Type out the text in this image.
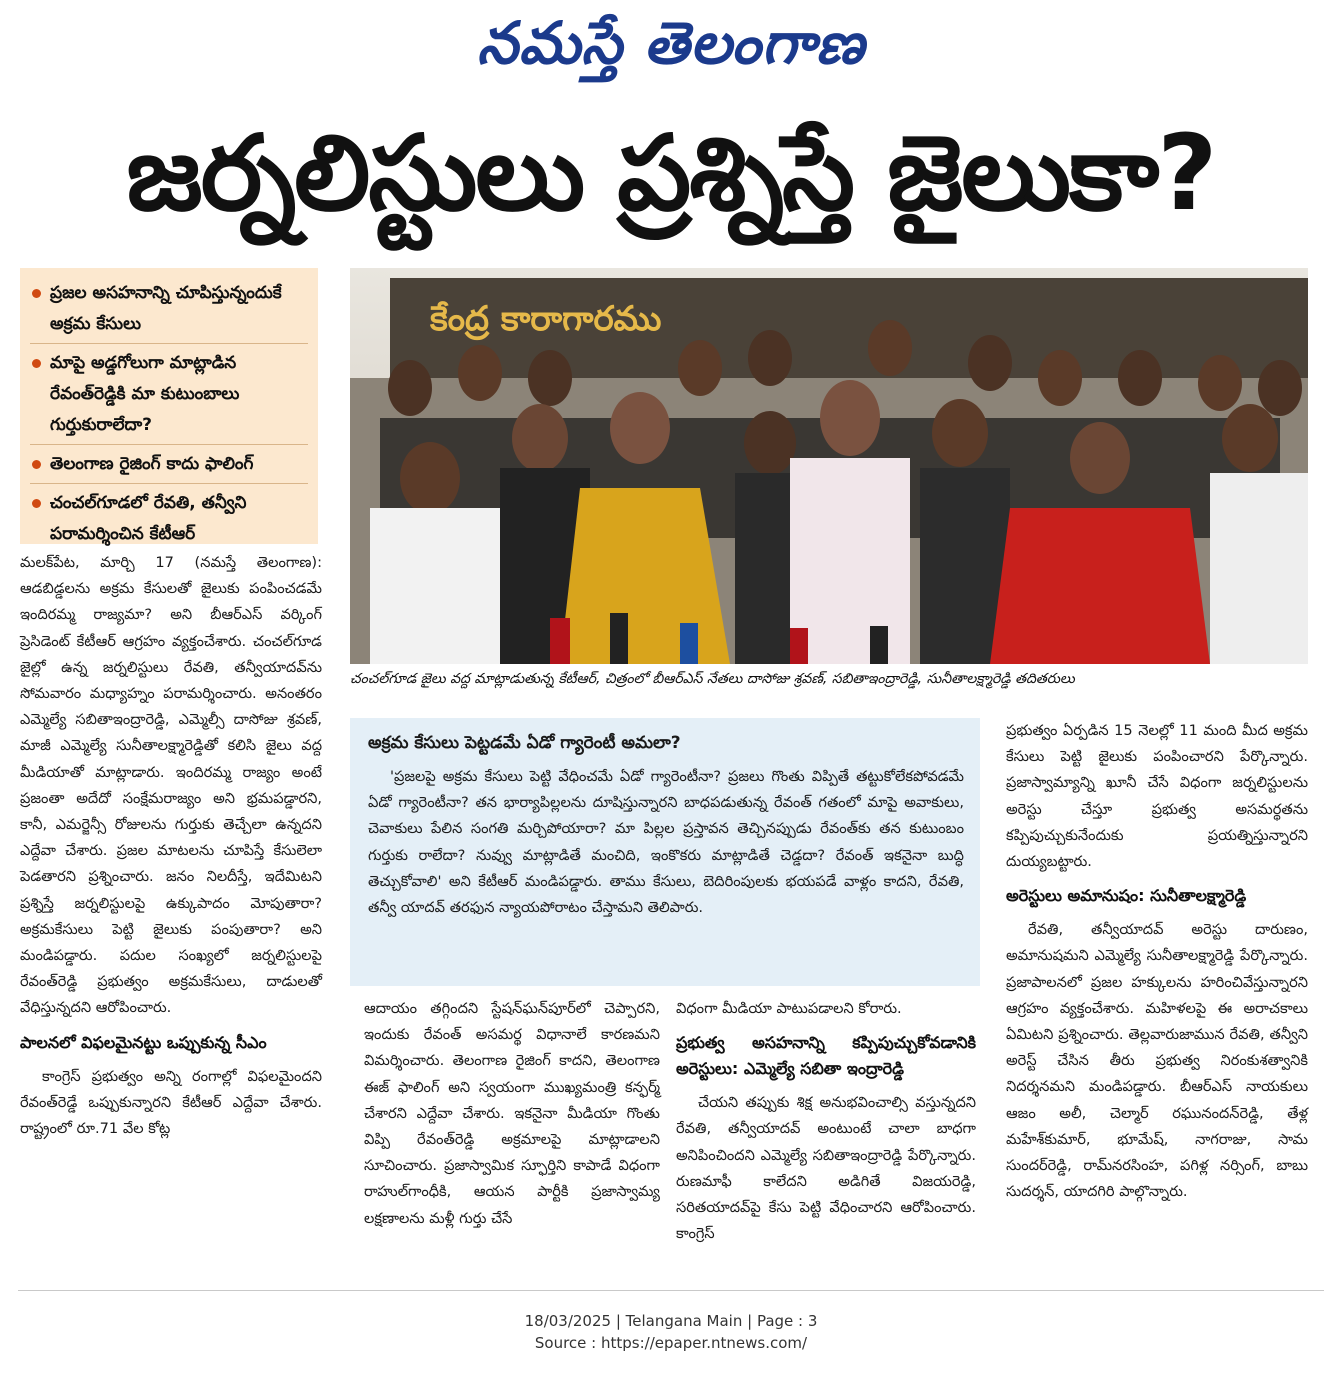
నమస్తే తెలంగాణ
జర్నలిస్టులు ప్రశ్నిస్తే జైలుకా?
ప్రజల అసహనాన్ని చూపిస్తున్నందుకే అక్రమ కేసులు
మాపై అడ్డగోలుగా మాట్లాడిన రేవంత్‌రెడ్డికి మా కుటుంబాలు గుర్తుకురాలేదా?
తెలంగాణ రైజింగ్ కాదు ఫాలింగ్
చంచల్‌గూడలో రేవతి, తన్వీని పరామర్శించిన కేటీఆర్
కేంద్ర కారాగారము
చంచల్‌గూడ జైలు వద్ద మాట్లాడుతున్న కేటీఆర్, చిత్రంలో బీఆర్‌ఎస్ నేతలు దాసోజు శ్రవణ్, సబితాఇంద్రారెడ్డి, సునీతాలక్ష్మారెడ్డి తదితరులు

మలక్‌పేట, మార్చి 17 (నమస్తే తెలంగాణ): ఆడబిడ్డలను అక్రమ కేసులతో జైలుకు పంపించడమే ఇందిరమ్మ రాజ్యమా? అని బీఆర్‌ఎస్ వర్కింగ్ ప్రెసిడెంట్ కేటీఆర్ ఆగ్రహం వ్యక్తంచేశారు. చంచల్‌గూడ జైల్లో ఉన్న జర్నలిస్టులు రేవతి, తన్వీయాదవ్‌ను సోమవారం మధ్యాహ్నం పరామర్శించారు. అనంతరం ఎమ్మెల్యే సబితాఇంద్రారెడ్డి, ఎమ్మెల్సీ దాసోజు శ్రవణ్, మాజీ ఎమ్మెల్యే సునీతాలక్ష్మారెడ్డితో కలిసి జైలు వద్ద మీడియాతో మాట్లాడారు. ఇందిరమ్మ రాజ్యం అంటే ప్రజంతా అదేదో సంక్షేమరాజ్యం అని భ్రమపడ్డారని, కానీ, ఎమర్జెన్సీ రోజులను గుర్తుకు తెచ్చేలా ఉన్నదని ఎద్దేవా చేశారు. ప్రజల మాటలను చూపిస్తే కేసులెలా పెడతారని ప్రశ్నించారు. జనం నిలదీస్తే, ఇదేమిటని ప్రశ్నిస్తే జర్నలిస్టులపై ఉక్కుపాదం మోపుతారా? అక్రమకేసులు పెట్టి జైలుకు పంపుతారా? అని మండిపడ్డారు. పదుల సంఖ్యలో జర్నలిస్టులపై రేవంత్‌రెడ్డి ప్రభుత్వం అక్రమకేసులు, దాడులతో వేధిస్తున్నదని ఆరోపించారు.

పాలనలో విఫలమైనట్టు ఒప్పుకున్న సీఎం

కాంగ్రెస్ ప్రభుత్వం అన్ని రంగాల్లో విఫలమైందని రేవంత్‌రెడ్డే ఒప్పుకున్నారని కేటీఆర్ ఎద్దేవా చేశారు. రాష్ట్రంలో రూ.71 వేల కోట్ల

అక్రమ కేసులు పెట్టడమే ఏడో గ్యారెంటీ అమలా?
'ప్రజలపై అక్రమ కేసులు పెట్టి వేధించమే ఏడో గ్యారెంటీనా? ప్రజలు గొంతు విప్పితే తట్టుకోలేకపోవడమే ఏడో గ్యారెంటీనా? తన భార్యాపిల్లలను దూషిస్తున్నారని బాధపడుతున్న రేవంత్ గతంలో మాపై అవాకులు, చెవాకులు పేలిన సంగతి మర్చిపోయారా? మా పిల్లల ప్రస్తావన తెచ్చినప్పుడు రేవంత్‌కు తన కుటుంబం గుర్తుకు రాలేదా? నువ్వు మాట్లాడితే మంచిది, ఇంకొకరు మాట్లాడితే చెడ్డదా? రేవంత్ ఇకనైనా బుద్ధి తెచ్చుకోవాలి' అని కేటీఆర్ మండిపడ్డారు. తాము కేసులు, బెదిరింపులకు భయపడే వాళ్లం కాదని, రేవతి, తన్వీ యాదవ్ తరఫున న్యాయపోరాటం చేస్తామని తెలిపారు.

ఆదాయం తగ్గిందని స్టేషన్‌ఘన్‌పూర్‌లో చెప్పారని, ఇందుకు రేవంత్ అసమర్థ విధానాలే కారణమని విమర్శించారు. తెలంగాణ రైజింగ్ కాదని, తెలంగాణ ఈజ్ ఫాలింగ్ అని స్వయంగా ముఖ్యమంత్రి కన్ఫర్మ్ చేశారని ఎద్దేవా చేశారు. ఇకనైనా మీడియా గొంతు విప్పి రేవంత్‌రెడ్డి అక్రమాలపై మాట్లాడాలని సూచించారు. ప్రజాస్వామిక స్ఫూర్తిని కాపాడే విధంగా రాహుల్‌గాంధీకి, ఆయన పార్టీకి ప్రజాస్వామ్య లక్షణాలను మళ్లీ గుర్తు చేసే

విధంగా మీడియా పాటుపడాలని కోరారు.

ప్రభుత్వ అసహనాన్ని కప్పిపుచ్చుకోవడానికి అరెస్టులు: ఎమ్మెల్యే సబితా ఇంద్రారెడ్డి

చేయని తప్పుకు శిక్ష అనుభవించాల్సి వస్తున్నదని రేవతి, తన్వీయాదవ్ అంటుంటే చాలా బాధగా అనిపించిందని ఎమ్మెల్యే సబితాఇంద్రారెడ్డి పేర్కొన్నారు. రుణమాఫీ కాలేదని అడిగితే విజయరెడ్డి, సరితయాదవ్‌పై కేసు పెట్టి వేధించారని ఆరోపించారు. కాంగ్రెస్

ప్రభుత్వం ఏర్పడిన 15 నెలల్లో 11 మంది మీద అక్రమ కేసులు పెట్టి జైలుకు పంపించారని పేర్కొన్నారు. ప్రజాస్వామ్యాన్ని ఖూనీ చేసే విధంగా జర్నలిస్టులను అరెస్టు చేస్తూ ప్రభుత్వ అసమర్థతను కప్పిపుచ్చుకునేందుకు ప్రయత్నిస్తున్నారని దుయ్యబట్టారు.

అరెస్టులు అమానుషం: సునీతాలక్ష్మారెడ్డి

రేవతి, తన్వీయాదవ్ అరెస్టు దారుణం, అమానుషమని ఎమ్మెల్యే సునీతాలక్ష్మారెడ్డి పేర్కొన్నారు. ప్రజాపాలనలో ప్రజల హక్కులను హరించివేస్తున్నారని ఆగ్రహం వ్యక్తంచేశారు. మహిళలపై ఈ అరాచకాలు ఏమిటని ప్రశ్నించారు. తెల్లవారుజామున రేవతి, తన్వీని అరెస్ట్ చేసిన తీరు ప్రభుత్వ నిరంకుశత్వానికి నిదర్శనమని మండిపడ్డారు. బీఆర్‌ఎస్ నాయకులు ఆజం అలీ, చెల్మార్ రఘునందన్‌రెడ్డి, తేళ్ల మహేశ్‌కుమార్, భూమేష్, నాగరాజు, సామ సుందర్‌రెడ్డి, రామ్‌నరసింహ, పగిళ్ల నర్సింగ్, బాబు సుదర్శన్, యాదగిరి పాల్గొన్నారు.

18/03/2025 | Telangana Main | Page : 3
Source : https://epaper.ntnews.com/
